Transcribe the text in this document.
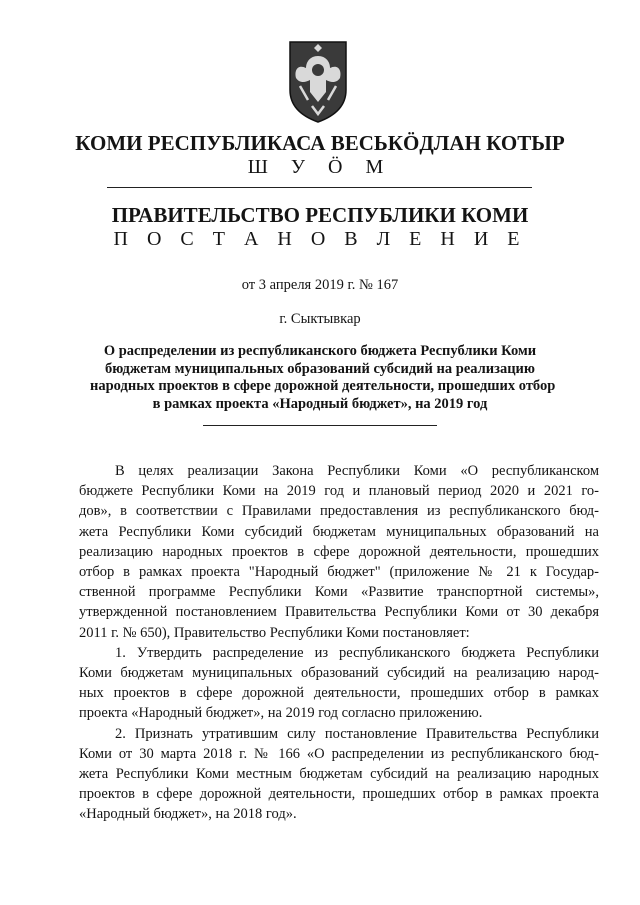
КОМИ РЕСПУБЛИКАСА ВЕСЬКӦДЛАН КОТЫР
Ш У Ӧ М
ПРАВИТЕЛЬСТВО РЕСПУБЛИКИ КОМИ
П О С Т А Н О В Л Е Н И Е
от 3 апреля 2019 г. № 167
г. Сыктывкар
О распределении из республиканского бюджета Республики Коми
бюджетам муниципальных образований субсидий на реализацию
народных проектов в сфере дорожной деятельности, прошедших отбор
в рамках проекта «Народный бюджет», на 2019 год
В целях реализации Закона Республики Коми «О республиканском
бюджете Республики Коми на 2019 год и плановый период 2020 и 2021 го-
дов», в соответствии с Правилами предоставления из республиканского бюд-
жета Республики Коми субсидий бюджетам муниципальных образований на
реализацию народных проектов в сфере дорожной деятельности, прошедших
отбор в рамках проекта "Народный бюджет" (приложение № 21 к Государ-
ственной программе Республики Коми «Развитие транспортной системы»,
утвержденной постановлением Правительства Республики Коми от 30 декабря
2011 г. № 650), Правительство Республики Коми постановляет:
1. Утвердить распределение из республиканского бюджета Республики
Коми бюджетам муниципальных образований субсидий на реализацию народ-
ных проектов в сфере дорожной деятельности, прошедших отбор в рамках
проекта «Народный бюджет», на 2019 год согласно приложению.
2. Признать утратившим силу постановление Правительства Республики
Коми от 30 марта 2018 г. № 166 «О распределении из республиканского бюд-
жета Республики Коми местным бюджетам субсидий на реализацию народных
проектов в сфере дорожной деятельности, прошедших отбор в рамках проекта
«Народный бюджет», на 2018 год».
